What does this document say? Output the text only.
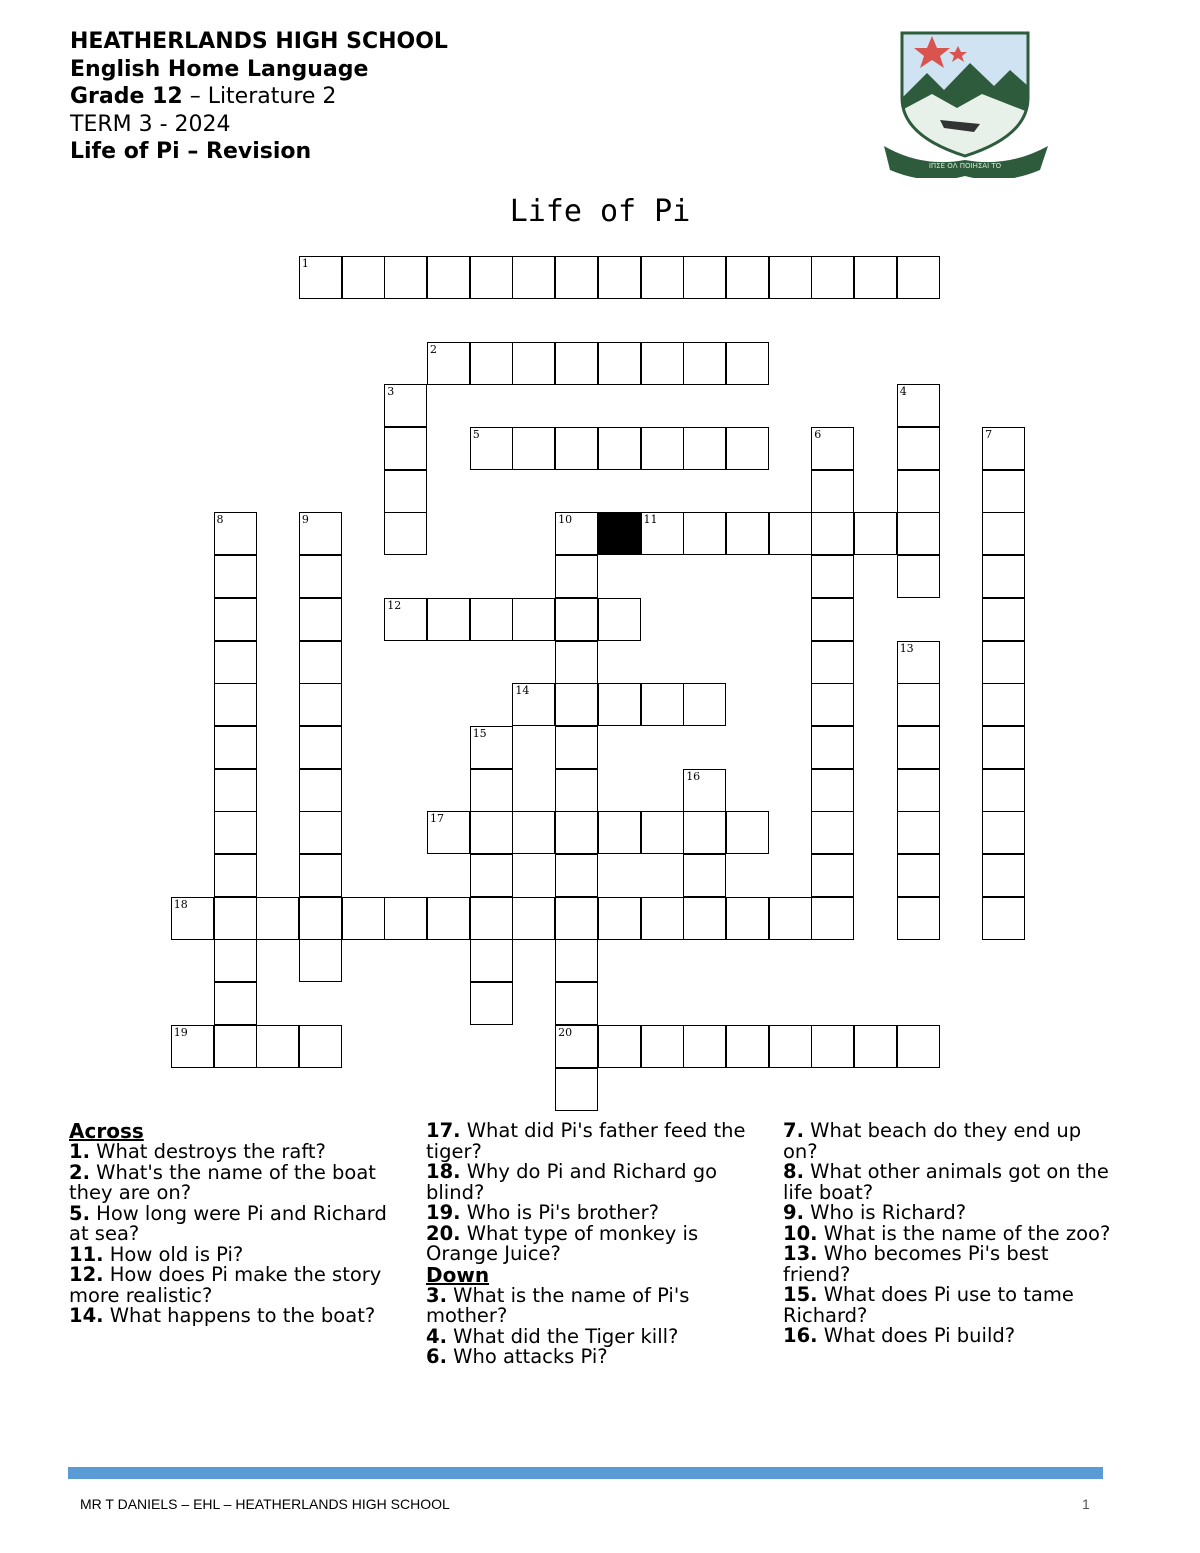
HEATHERLANDS HIGH SCHOOL
English Home Language
Grade 12 – Literature 2
TERM 3 - 2024
Life of Pi – Revision
ΙΠΣΕ ΟΛ ΠΟΙΗΣΑΙ ΤΟ
Life of Pi
1
2
3	4
5	6	7
8	9	10
20
11
12
13
14
15
16
17
18
19
Across
1. What destroys the raft?
2. What's the name of the boat they are on?
5. How long were Pi and Richard at sea?
11. How old is Pi?
12. How does Pi make the story more realistic?
14. What happens to the boat?
17. What did Pi's father feed the tiger?
18. Why do Pi and Richard go blind?
19. Who is Pi's brother?
20. What type of monkey is Orange Juice?
Down
3. What is the name of Pi's mother?
4. What did the Tiger kill?
6. Who attacks Pi?
7. What beach do they end up on?
8. What other animals got on the life boat?
9. Who is Richard?
10. What is the name of the zoo?
13. Who becomes Pi's best friend?
15. What does Pi use to tame Richard?
16. What does Pi build?
MR T DANIELS – EHL – HEATHERLANDS HIGH SCHOOL	1
